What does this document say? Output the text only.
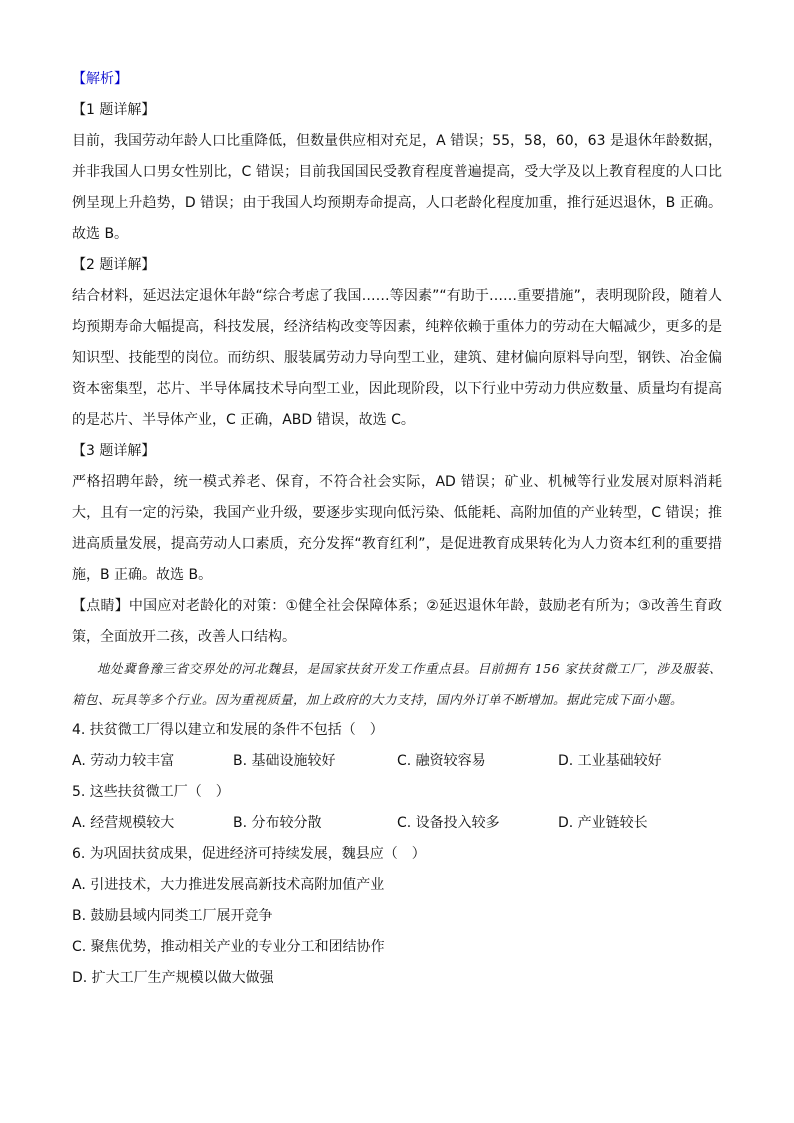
【解析】

【1 题详解】

目前，我国劳动年龄人口比重降低，但数量供应相对充足，A 错误；55，58，60，63 是退休年龄数据，并非我国人口男女性别比，C 错误；目前我国国民受教育程度普遍提高，受大学及以上教育程度的人口比例呈现上升趋势，D 错误；由于我国人均预期寿命提高，人口老龄化程度加重，推行延迟退休，B 正确。故选 B。

【2 题详解】

结合材料，延迟法定退休年龄“综合考虑了我国……等因素”“有助于……重要措施”，表明现阶段，随着人均预期寿命大幅提高，科技发展，经济结构改变等因素，纯粹依赖于重体力的劳动在大幅减少，更多的是知识型、技能型的岗位。而纺织、服装属劳动力导向型工业，建筑、建材偏向原料导向型，钢铁、冶金偏资本密集型，芯片、半导体属技术导向型工业，因此现阶段，以下行业中劳动力供应数量、质量均有提高的是芯片、半导体产业，C 正确，ABD 错误，故选 C。

【3 题详解】

严格招聘年龄，统一模式养老、保育，不符合社会实际，AD 错误；矿业、机械等行业发展对原料消耗大，且有一定的污染，我国产业升级，要逐步实现向低污染、低能耗、高附加值的产业转型，C 错误；推进高质量发展，提高劳动人口素质，充分发挥“教育红利”，是促进教育成果转化为人力资本红利的重要措施，B 正确。故选 B。

【点睛】中国应对老龄化的对策：①健全社会保障体系；②延迟退休年龄，鼓励老有所为；③改善生育政策，全面放开二孩，改善人口结构。

地处冀鲁豫三省交界处的河北魏县，是国家扶贫开发工作重点县。目前拥有 156 家扶贫微工厂，涉及服装、箱包、玩具等多个行业。因为重视质量，加上政府的大力支持，国内外订单不断增加。据此完成下面小题。

4. 扶贫微工厂得以建立和发展的条件不包括（　）

A. 劳动力较丰富	B. 基础设施较好	C. 融资较容易	D. 工业基础较好

5. 这些扶贫微工厂（　）

A. 经营规模较大	B. 分布较分散	C. 设备投入较多	D. 产业链较长

6. 为巩固扶贫成果，促进经济可持续发展，魏县应（　）

A. 引进技术，大力推进发展高新技术高附加值产业

B. 鼓励县域内同类工厂展开竞争

C. 聚焦优势，推动相关产业的专业分工和团结协作

D. 扩大工厂生产规模以做大做强
